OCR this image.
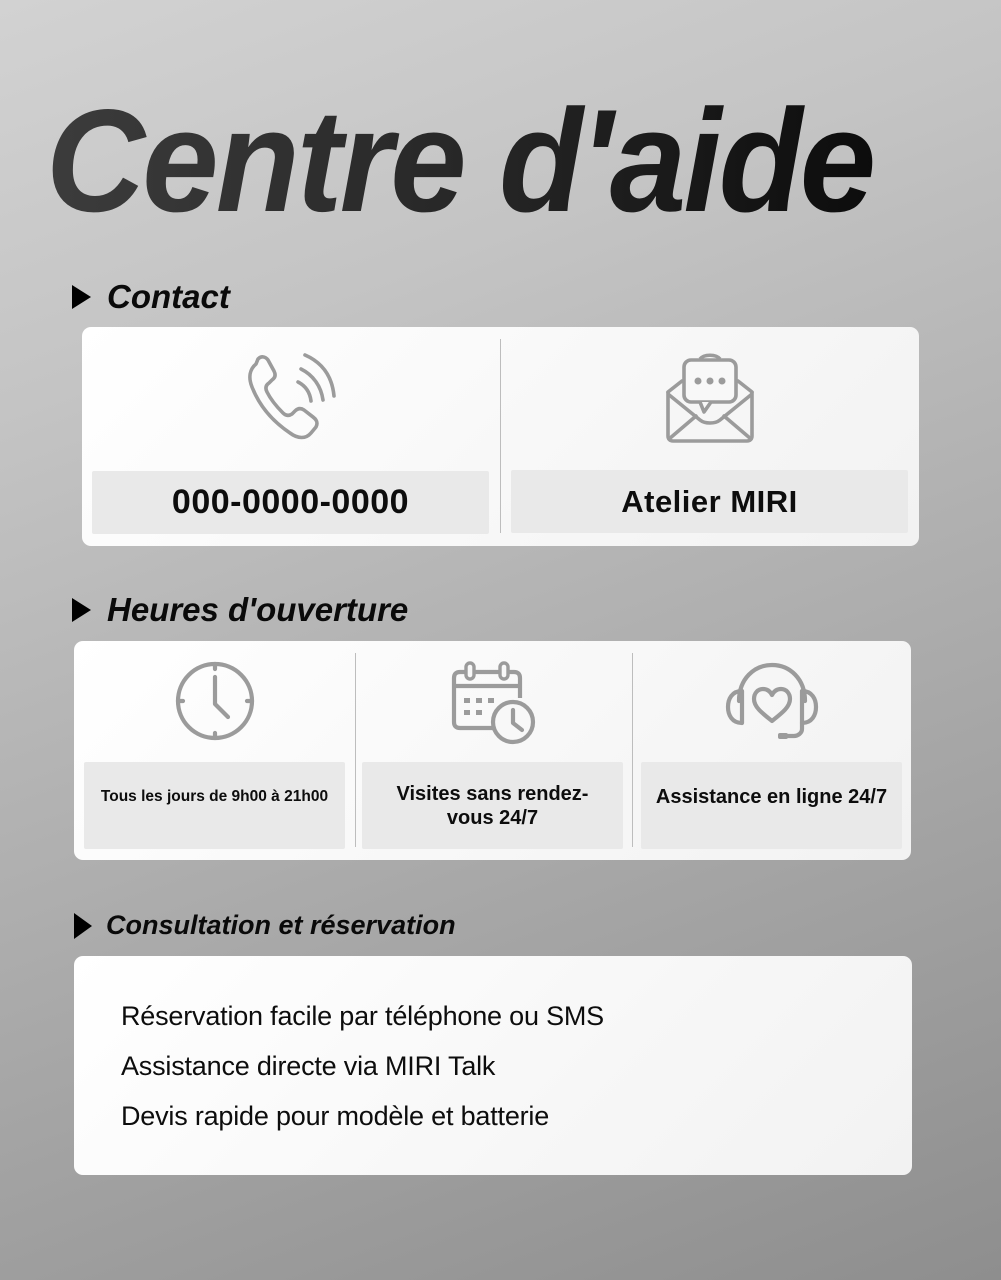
Centre d'aide
Contact
000-0000-0000	Atelier MIRI
Heures d'ouverture
Tous les jours de 9h00 à 21h00	Visites sans rendez-vous 24/7
Assistance en ligne 24/7
Consultation et réservation
Réservation facile par téléphone ou SMS
Assistance directe via MIRI Talk
Devis rapide pour modèle et batterie
